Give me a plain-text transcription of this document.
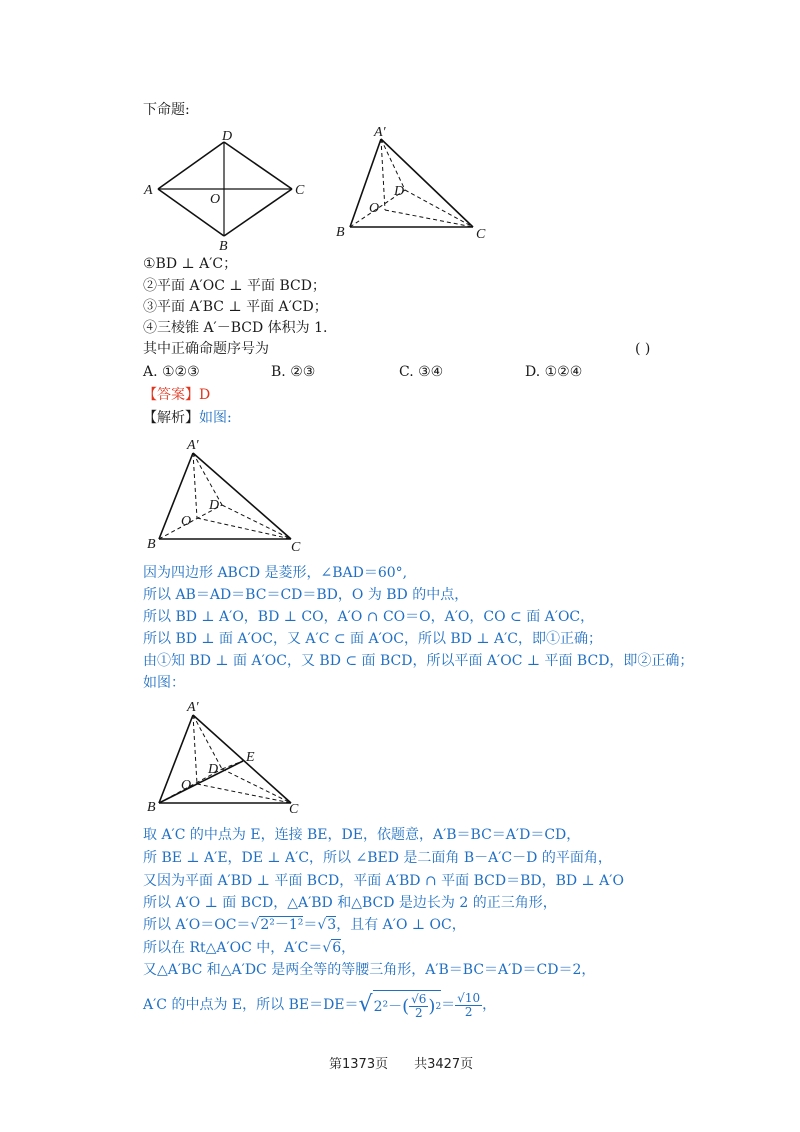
下命题:
A
D
C
B
O
A′
B	C
D
O
①BD ⊥ A′C；
②平面 A′OC ⊥ 平面 BCD；
③平面 A′BC ⊥ 平面 A′CD；
④三棱锥 A′－BCD 体积为 1.
其中正确命题序号为	( )
A. ①②③	B. ②③	C. ③④	D. ①②④
【答案】D
【解析】如图:
A′
B	C
D
O
因为四边形 ABCD 是菱形，∠BAD＝60°,
所以 AB＝AD＝BC＝CD＝BD，O 为 BD 的中点，
所以 BD ⊥ A′O，BD ⊥ CO，A′O ∩ CO＝O，A′O，CO ⊂ 面 A′OC，
所以 BD ⊥ 面 A′OC，又 A′C ⊂ 面 A′OC，所以 BD ⊥ A′C，即①正确；
由①知 BD ⊥ 面 A′OC，又 BD ⊂ 面 BCD，所以平面 A′OC ⊥ 平面 BCD，即②正确；
如图：
A′
B	C
D
O
E
取 A′C 的中点为 E，连接 BE，DE，依题意，A′B＝BC＝A′D＝CD，
所 BE ⊥ A′E，DE ⊥ A′C，所以 ∠BED 是二面角 B－A′C－D 的平面角，
又因为平面 A′BD ⊥ 平面 BCD，平面 A′BD ∩ 平面 BCD＝BD，BD ⊥ A′O
所以 A′O ⊥ 面 BCD，△A′BD 和△BCD 是边长为 2 的正三角形，
所以 A′O＝OC＝√2²－1²＝√3，且有 A′O ⊥ OC，
所以在 Rt△A′OC 中，A′C＝√6，
又△A′BC 和△A′DC 是两全等的等腰三角形，A′B＝BC＝A′D＝CD＝2，
A′C 的中点为 E，所以 BE＝DE＝ √ 2²－ ( $\frac{√6}{2}$ ) $2 = \frac{√10}{2}$ ，
第1373页　　共3427页
